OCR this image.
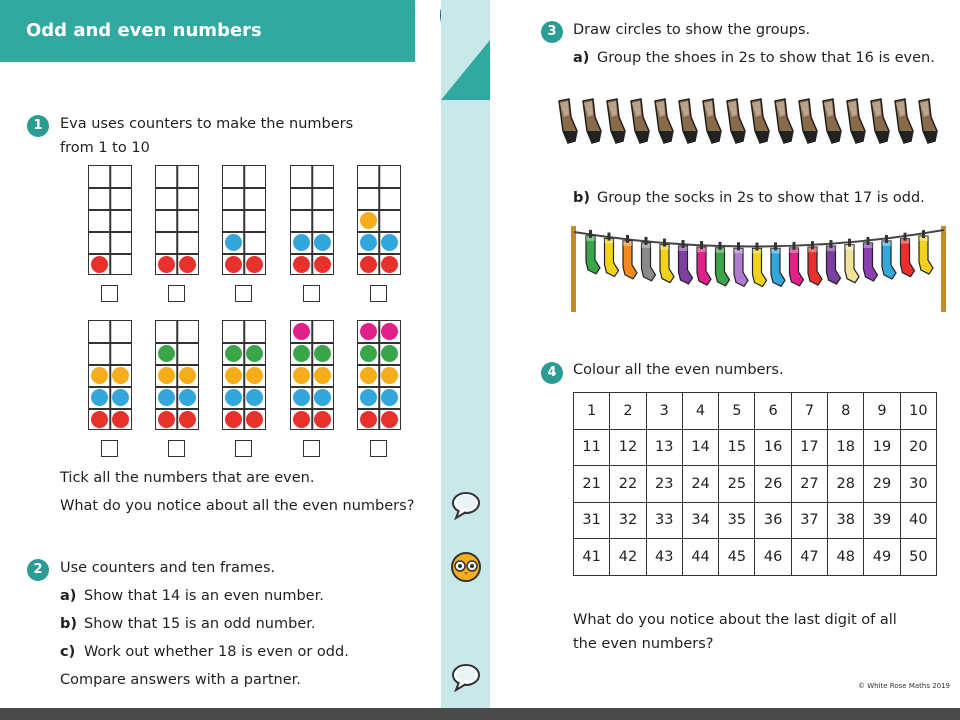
Odd and even numbers
1	Eva uses counters to make the numbers
from 1 to 10
Tick all the numbers that are even.
What do you notice about all the even numbers?
2	Use counters and ten frames.
a) Show that 14 is an even number.
b) Show that 15 is an odd number.
c) Work out whether 18 is even or odd.
Compare answers with a partner.
3	Draw circles to show the groups.
a) Group the shoes in 2s to show that 16 is even.
b) Group the socks in 2s to show that 17 is odd.
4	Colour all the even numbers.
1	2	3	4	5	6	7	8	9	10
11	12	13	14	15	16	17	18	19	20
21	22	23	24	25	26	27	28	29	30
31	32	33	34	35	36	37	38	39	40
41	42	43	44	45	46	47	48	49	50
What do you notice about the last digit of all
the even numbers?
© White Rose Maths 2019
